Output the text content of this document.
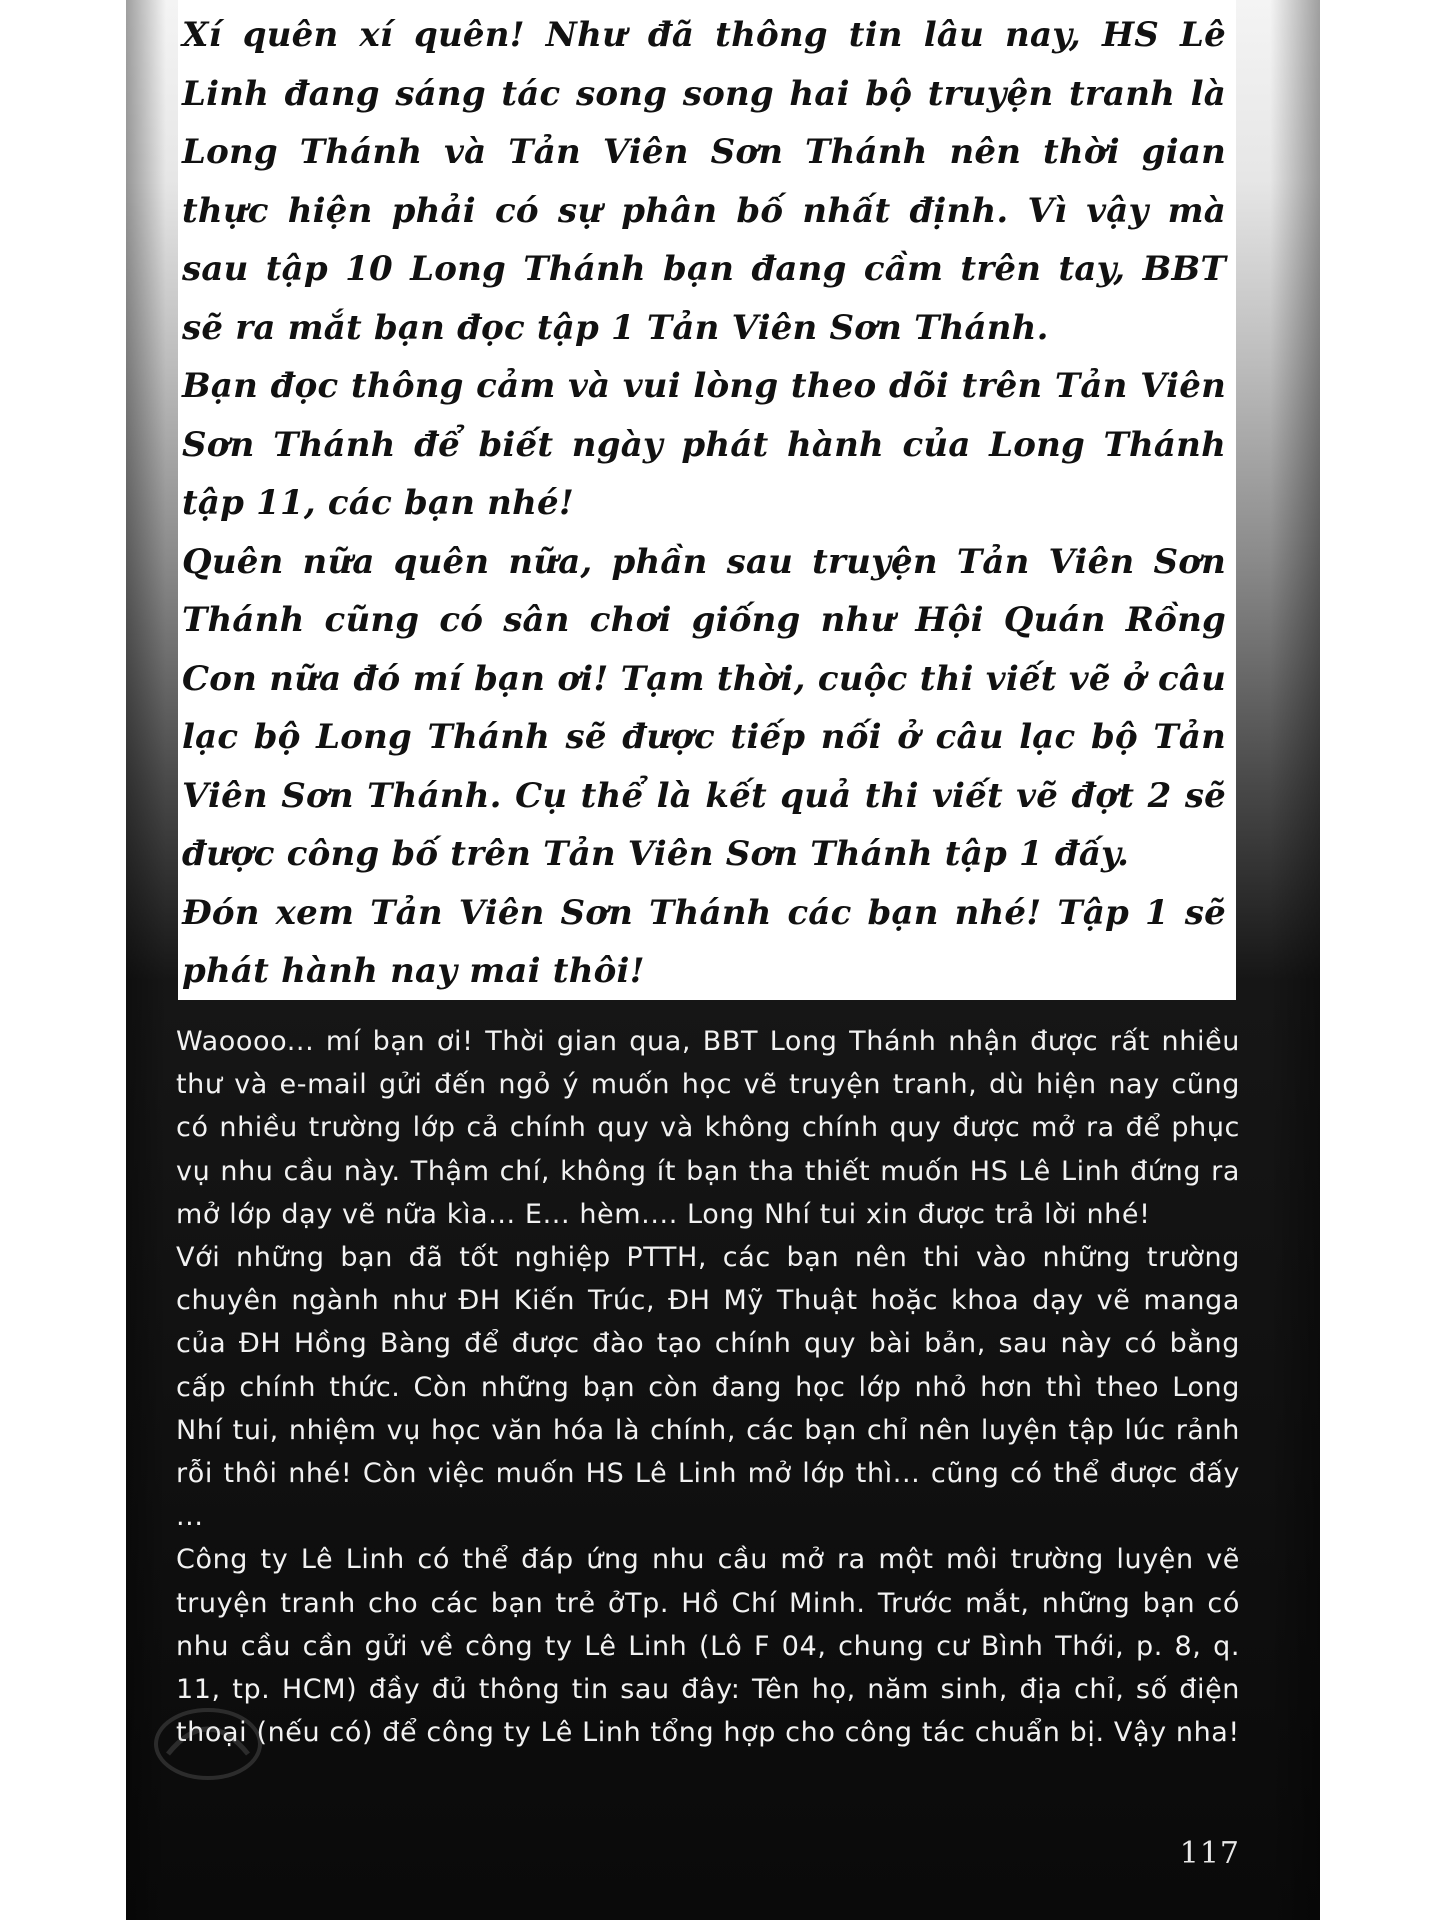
Xí quên xí quên! Như đã thông tin lâu nay, HS Lê Linh đang sáng tác song song hai bộ truyện tranh là Long Thánh và Tản Viên Sơn Thánh nên thời gian thực hiện phải có sự phân bố nhất định. Vì vậy mà sau tập 10 Long Thánh bạn đang cầm trên tay, BBT sẽ ra mắt bạn đọc tập 1 Tản Viên Sơn Thánh.

Bạn đọc thông cảm và vui lòng theo dõi trên Tản Viên Sơn Thánh để biết ngày phát hành của Long Thánh tập 11, các bạn nhé!

Quên nữa quên nữa, phần sau truyện Tản Viên Sơn Thánh cũng có sân chơi giống như Hội Quán Rồng Con nữa đó mí bạn ơi! Tạm thời, cuộc thi viết vẽ ở câu lạc bộ Long Thánh sẽ được tiếp nối ở câu lạc bộ Tản Viên Sơn Thánh. Cụ thể là kết quả thi viết vẽ đợt 2 sẽ được công bố trên Tản Viên Sơn Thánh tập 1 đấy.

Đón xem Tản Viên Sơn Thánh các bạn nhé! Tập 1 sẽ phát hành nay mai thôi!

Waoooo... mí bạn ơi! Thời gian qua, BBT Long Thánh nhận được rất nhiều thư và e-mail gửi đến ngỏ ý muốn học vẽ truyện tranh, dù hiện nay cũng có nhiều trường lớp cả chính quy và không chính quy được mở ra để phục vụ nhu cầu này. Thậm chí, không ít bạn tha thiết muốn HS Lê Linh đứng ra mở lớp dạy vẽ nữa kìa... E... hèm.... Long Nhí tui xin được trả lời nhé!

Với những bạn đã tốt nghiệp PTTH, các bạn nên thi vào những trường chuyên ngành như ĐH Kiến Trúc, ĐH Mỹ Thuật hoặc khoa dạy vẽ manga của ĐH Hồng Bàng để được đào tạo chính quy bài bản, sau này có bằng cấp chính thức. Còn những bạn còn đang học lớp nhỏ hơn thì theo Long Nhí tui, nhiệm vụ học văn hóa là chính, các bạn chỉ nên luyện tập lúc rảnh rỗi thôi nhé! Còn việc muốn HS Lê Linh mở lớp thì... cũng có thể được đấy ...

Công ty Lê Linh có thể đáp ứng nhu cầu mở ra một môi trường luyện vẽ truyện tranh cho các bạn trẻ ởTp. Hồ Chí Minh. Trước mắt, những bạn có nhu cầu cần gửi về công ty Lê Linh (Lô F 04, chung cư Bình Thới, p. 8, q. 11, tp. HCM) đầy đủ thông tin sau đây: Tên họ, năm sinh, địa chỉ, số điện thoại (nếu có) để công ty Lê Linh tổng hợp cho công tác chuẩn bị. Vậy nha!

117
